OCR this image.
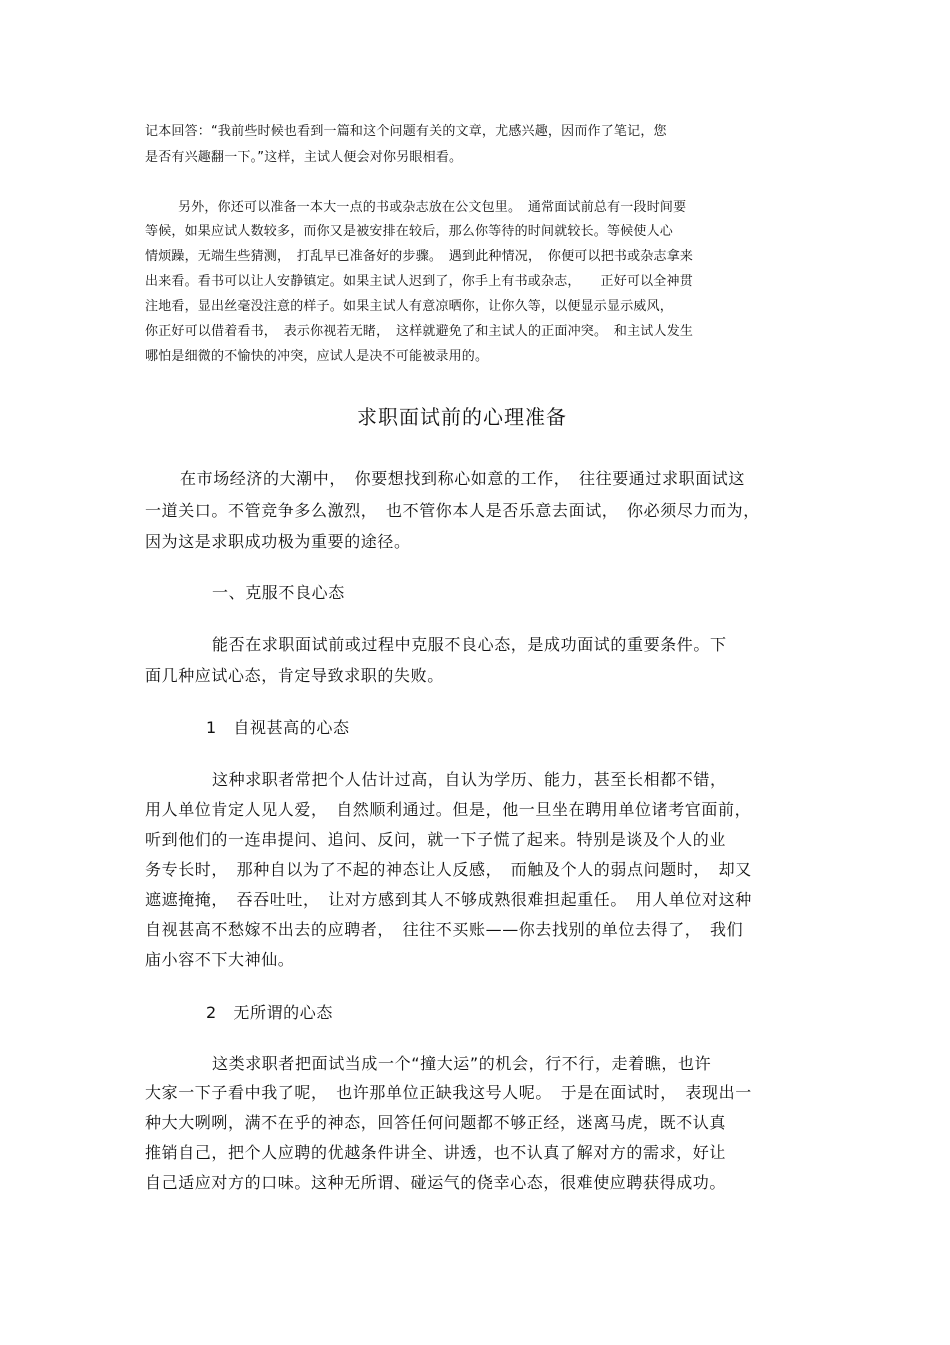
记本回答：“我前些时候也看到一篇和这个问题有关的文章，尤感兴趣，因而作了笔记，您

是否有兴趣翻一下。”这样，主试人便会对你另眼相看。

另外，你还可以准备一本大一点的书或杂志放在公文包里。　通常面试前总有一段时间要

等候，如果应试人数较多，而你又是被安排在较后，那么你等待的时间就较长。等候使人心

情烦躁，无端生些猜测，　打乱早已准备好的步骤。　遇到此种情况，　你便可以把书或杂志拿来

出来看。看书可以让人安静镇定。如果主试人迟到了，你手上有书或杂志，　　正好可以全神贯

注地看，显出丝毫没注意的样子。如果主试人有意凉晒你，让你久等，以便显示显示威风，

你正好可以借着看书，　表示你视若无睹，　这样就避免了和主试人的正面冲突。　和主试人发生

哪怕是细微的不愉快的冲突，应试人是决不可能被录用的。

求职面试前的心理准备

在市场经济的大潮中，　你要想找到称心如意的工作，　往往要通过求职面试这

一道关口。不管竞争多么激烈，　也不管你本人是否乐意去面试，　你必须尽力而为，

因为这是求职成功极为重要的途径。

一、克服不良心态

能否在求职面试前或过程中克服不良心态，是成功面试的重要条件。下

面几种应试心态，肯定导致求职的失败。

1　自视甚高的心态

这种求职者常把个人估计过高，自认为学历、能力，甚至长相都不错，

用人单位肯定人见人爱，　自然顺利通过。但是，他一旦坐在聘用单位诸考官面前，

听到他们的一连串提问、追问、反问，就一下子慌了起来。特别是谈及个人的业

务专长时，　那种自以为了不起的神态让人反感，　而触及个人的弱点问题时，　却又

遮遮掩掩，　吞吞吐吐，　让对方感到其人不够成熟很难担起重任。　用人单位对这种

自视甚高不愁嫁不出去的应聘者，　往往不买账——你去找别的单位去得了，　我们

庙小容不下大神仙。

2　无所谓的心态

这类求职者把面试当成一个“撞大运”的机会，行不行，走着瞧，也许

大家一下子看中我了呢，　也许那单位正缺我这号人呢。　于是在面试时，　表现出一

种大大咧咧，满不在乎的神态，回答任何问题都不够正经，迷离马虎，既不认真

推销自己，把个人应聘的优越条件讲全、讲透，也不认真了解对方的需求，好让

自己适应对方的口味。这种无所谓、碰运气的侥幸心态，很难使应聘获得成功。
